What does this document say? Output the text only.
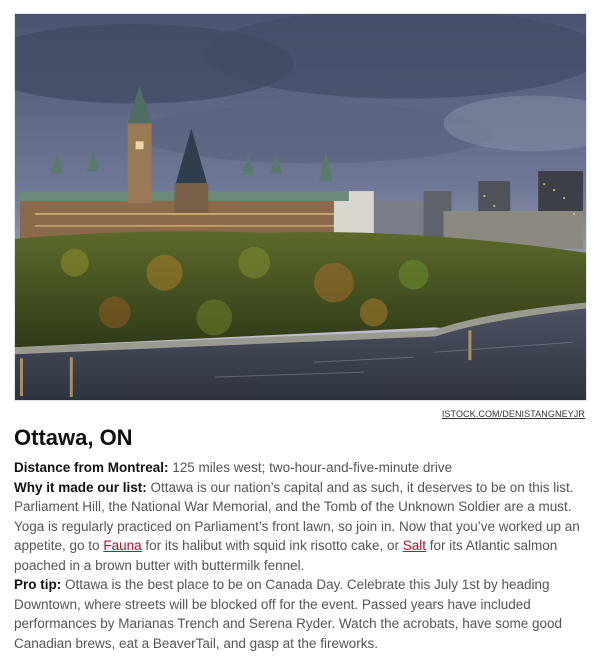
ISTOCK.COM/DENISTANGNEYJR
Ottawa, ON

Distance from Montreal: 125 miles west; two-hour-and-five-minute drive

Why it made our list: Ottawa is our nation’s capital and as such, it deserves to be on this list. Parliament Hill, the National War Memorial, and the Tomb of the Unknown Soldier are a must. Yoga is regularly practiced on Parliament’s front lawn, so join in. Now that you’ve worked up an appetite, go to Fauna for its halibut with squid ink risotto cake, or Salt for its Atlantic salmon poached in a brown butter with buttermilk fennel.

Pro tip: Ottawa is the best place to be on Canada Day. Celebrate this July 1st by heading Downtown, where streets will be blocked off for the event. Passed years have included performances by Marianas Trench and Serena Ryder. Watch the acrobats, have some good Canadian brews, eat a BeaverTail, and gasp at the fireworks.
